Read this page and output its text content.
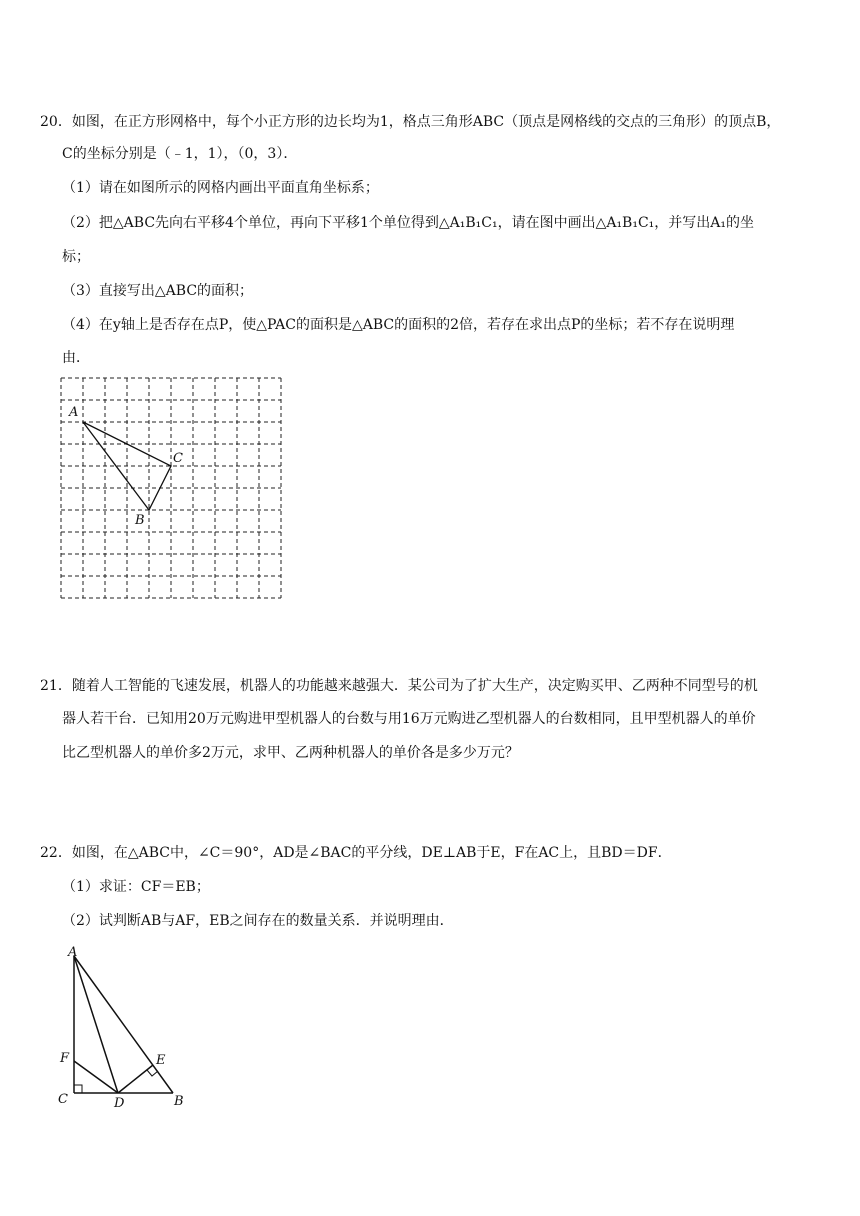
20．如图，在正方形网格中，每个小正方形的边长均为1，格点三角形ABC（顶点是网格线的交点的三角形）的顶点B，
C的坐标分别是（﹣1，1），（0，3）．
（1）请在如图所示的网格内画出平面直角坐标系；
（2）把△ABC先向右平移4个单位，再向下平移1个单位得到△A₁B₁C₁，请在图中画出△A₁B₁C₁，并写出A₁的坐
标；
（3）直接写出△ABC的面积；
（4）在y轴上是否存在点P，使△PAC的面积是△ABC的面积的2倍，若存在求出点P的坐标；若不存在说明理
由．
A
C
B
21．随着人工智能的飞速发展，机器人的功能越来越强大．某公司为了扩大生产，决定购买甲、乙两种不同型号的机
器人若干台．已知用20万元购进甲型机器人的台数与用16万元购进乙型机器人的台数相同，且甲型机器人的单价
比乙型机器人的单价多2万元，求甲、乙两种机器人的单价各是多少万元？
22．如图，在△ABC中，∠C＝90°，AD是∠BAC的平分线，DE⊥AB于E，F在AC上，且BD＝DF．
（1）求证：CF＝EB；
（2）试判断AB与AF，EB之间存在的数量关系．并说明理由．
A
F
C	D
E
B
